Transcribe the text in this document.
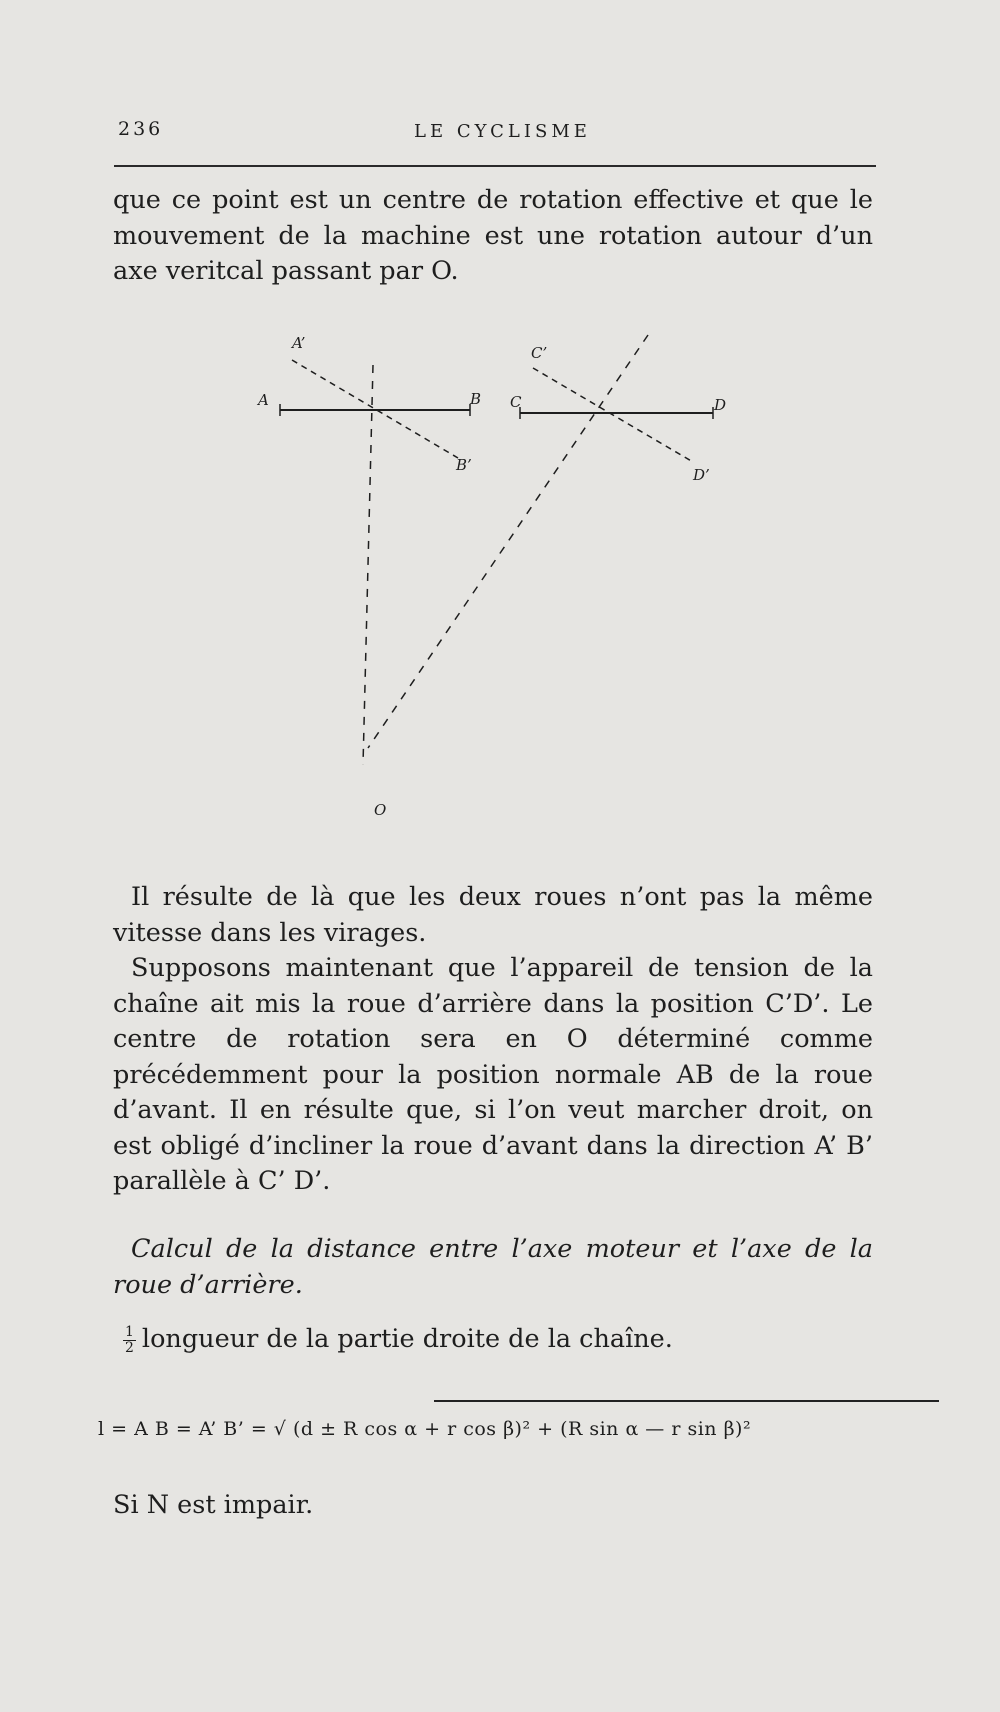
236	LE CYCLISME

que ce point est un centre de rotation effective et que le mouvement de la machine est une rotation autour d’un axe veritcal passant par O.

A’
A	B
B’
C’
C	D
D’
O

Il résulte de là que les deux roues n’ont pas la même vitesse dans les virages.

Supposons maintenant que l’appareil de tension de la chaîne ait mis la roue d’arrière dans la position C’D’. Le centre de rotation sera en O déterminé comme précédemment pour la position normale AB de la roue d’avant. Il en résulte que, si l’on veut marcher droit, on est obligé d’incliner la roue d’avant dans la direction A’ B’ parallèle à C’ D’.

Calcul de la distance entre l’axe moteur et l’axe de la roue d’arrière.

$\frac{1}{2}$ longueur de la partie droite de la chaîne.

l = A B = A’ B’ = √ (d ± R cos α + r cos β)² + (R sin α — r sin β)²

Si N est impair.
